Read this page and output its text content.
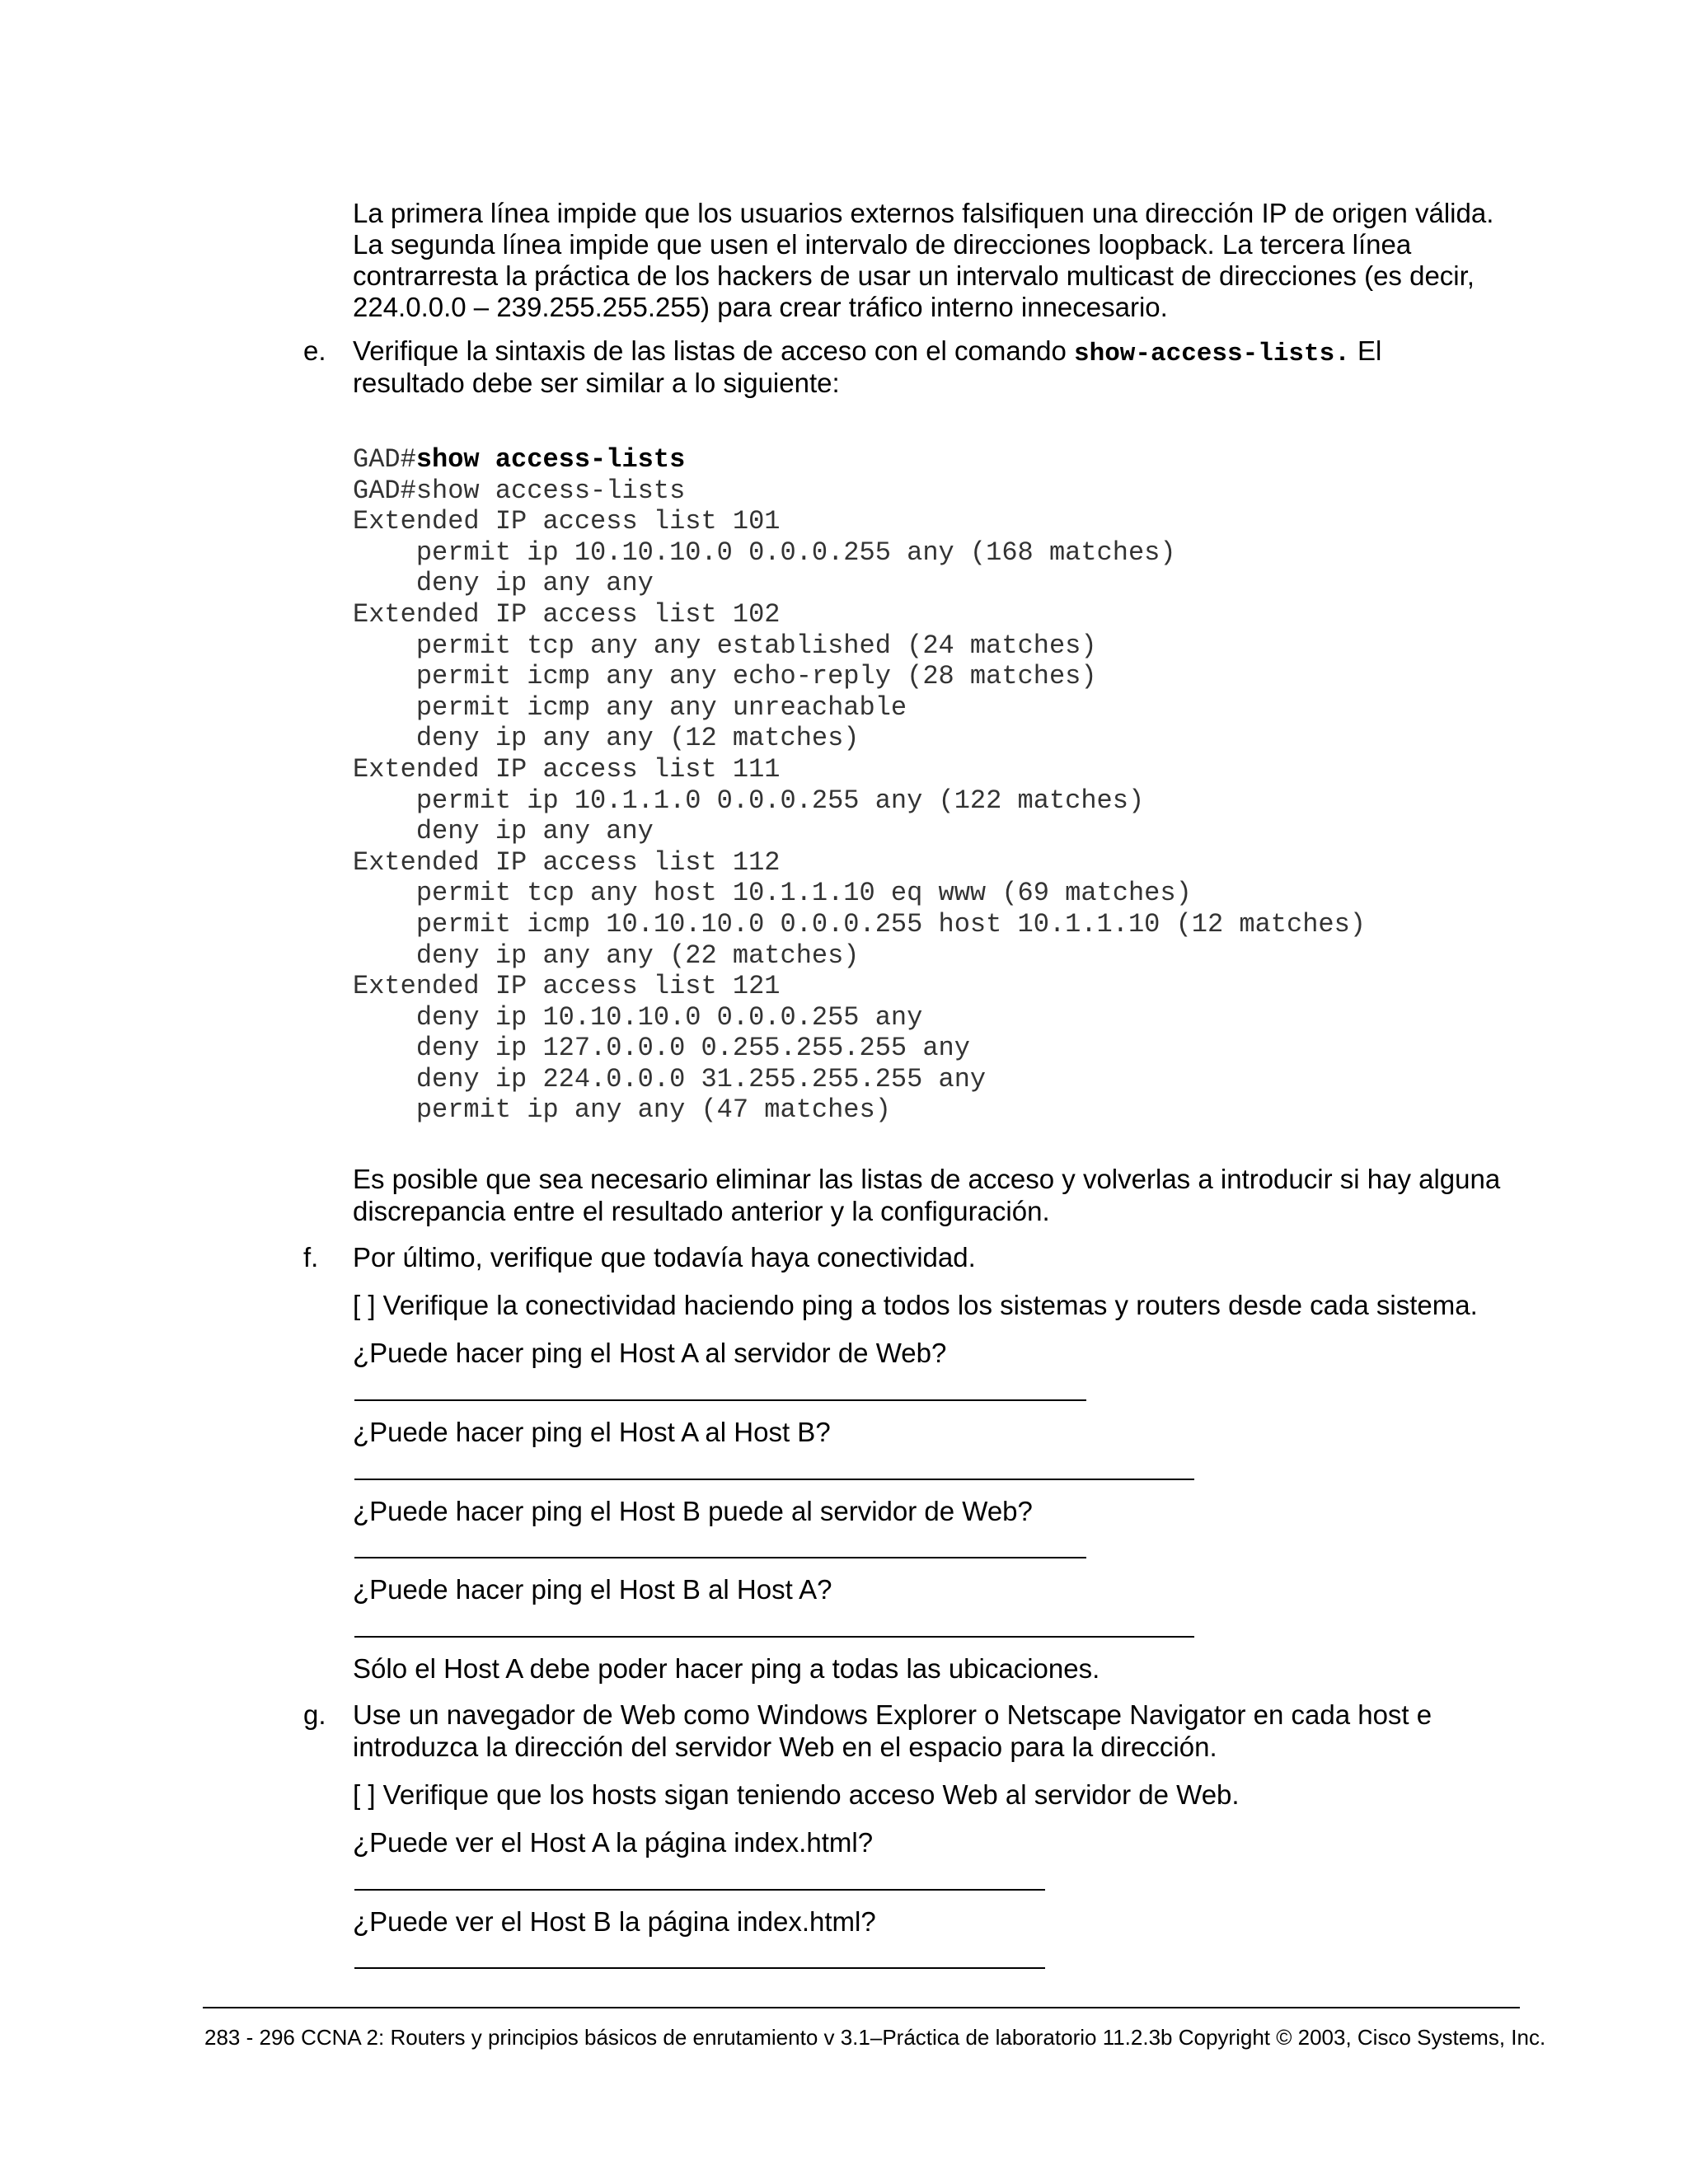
La primera línea impide que los usuarios externos falsifiquen una dirección IP de origen válida.
La segunda línea impide que usen el intervalo de direcciones loopback. La tercera línea
contrarresta la práctica de los hackers de usar un intervalo multicast de direcciones (es decir,
224.0.0.0 – 239.255.255.255) para crear tráfico interno innecesario.
e. Verifique la sintaxis de las listas de acceso con el comando show-access-lists. El
resultado debe ser similar a lo siguiente:
GAD#show access-lists
GAD#show access-lists
Extended IP access list 101
permit ip 10.10.10.0 0.0.0.255 any (168 matches)
deny ip any any
Extended IP access list 102
permit tcp any any established (24 matches)
permit icmp any any echo-reply (28 matches)
permit icmp any any unreachable
deny ip any any (12 matches)
Extended IP access list 111
permit ip 10.1.1.0 0.0.0.255 any (122 matches)
deny ip any any
Extended IP access list 112
permit tcp any host 10.1.1.10 eq www (69 matches)
permit icmp 10.10.10.0 0.0.0.255 host 10.1.1.10 (12 matches)
deny ip any any (22 matches)
Extended IP access list 121
deny ip 10.10.10.0 0.0.0.255 any
deny ip 127.0.0.0 0.255.255.255 any
deny ip 224.0.0.0 31.255.255.255 any
permit ip any any (47 matches)
Es posible que sea necesario eliminar las listas de acceso y volverlas a introducir si hay alguna
discrepancia entre el resultado anterior y la configuración.
f. Por último, verifique que todavía haya conectividad.
[ ] Verifique la conectividad haciendo ping a todos los sistemas y routers desde cada sistema.
¿Puede hacer ping el Host A al servidor de Web?
¿Puede hacer ping el Host A al Host B?
¿Puede hacer ping el Host B puede al servidor de Web?
¿Puede hacer ping el Host B al Host A?
Sólo el Host A debe poder hacer ping a todas las ubicaciones.
g. Use un navegador de Web como Windows Explorer o Netscape Navigator en cada host e
introduzca la dirección del servidor Web en el espacio para la dirección.
[ ] Verifique que los hosts sigan teniendo acceso Web al servidor de Web.
¿Puede ver el Host A la página index.html?
¿Puede ver el Host B la página index.html?
283 - 296 CCNA 2: Routers y principios básicos de enrutamiento v 3.1–Práctica de laboratorio 11.2.3b Copyright © 2003, Cisco Systems, Inc.
